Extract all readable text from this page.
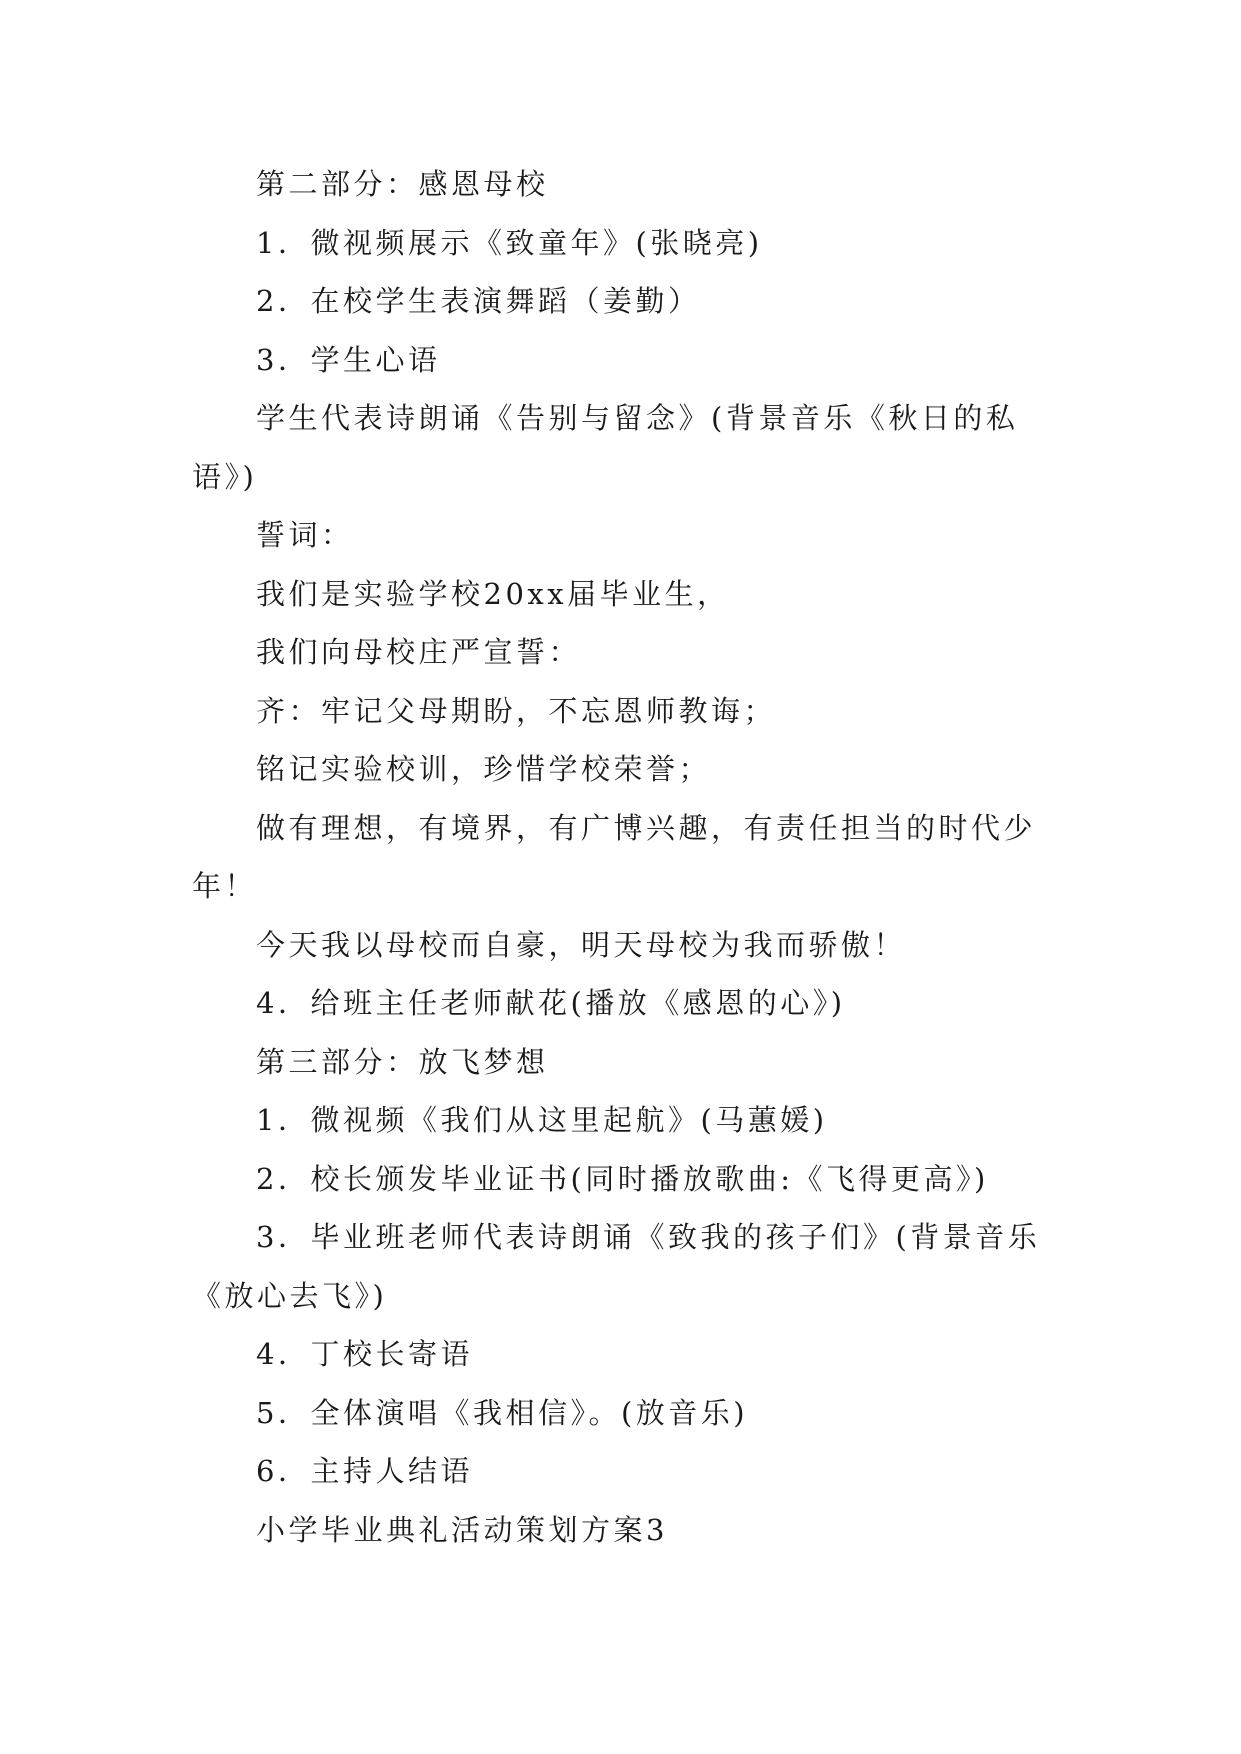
第二部分：感恩母校
1．微视频展示《致童年》(张晓亮)
2．在校学生表演舞蹈（姜勤）
3．学生心语
学生代表诗朗诵《告别与留念》(背景音乐《秋日的私
语》)
誓词：
我们是实验学校20xx届毕业生，
我们向母校庄严宣誓：
齐：牢记父母期盼，不忘恩师教诲；
铭记实验校训，珍惜学校荣誉；
做有理想，有境界，有广博兴趣，有责任担当的时代少
年！
今天我以母校而自豪，明天母校为我而骄傲！
4．给班主任老师献花(播放《感恩的心》)
第三部分：放飞梦想
1．微视频《我们从这里起航》(马蕙媛)
2．校长颁发毕业证书(同时播放歌曲:《飞得更高》)
3．毕业班老师代表诗朗诵《致我的孩子们》(背景音乐
《放心去飞》)
4．丁校长寄语
5．全体演唱《我相信》。(放音乐)
6．主持人结语
小学毕业典礼活动策划方案3
